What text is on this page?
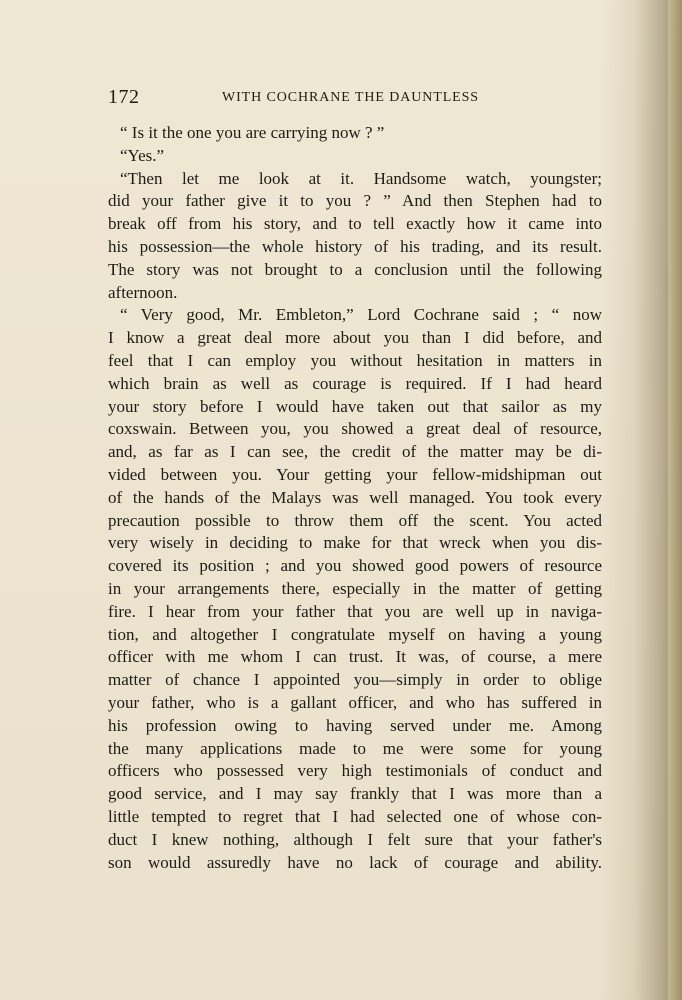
172	WITH COCHRANE THE DAUNTLESS
“ Is it the one you are carrying now ? ”
“Yes.”
“Then let me look at it. Handsome watch, youngster;
did your father give it to you ? ” And then Stephen had to
break off from his story, and to tell exactly how it came into
his possession—the whole history of his trading, and its result.
The story was not brought to a conclusion until the following
afternoon.
“ Very good, Mr. Embleton,” Lord Cochrane said ; “ now
I know a great deal more about you than I did before, and
feel that I can employ you without hesitation in matters in
which brain as well as courage is required. If I had heard
your story before I would have taken out that sailor as my
coxswain. Between you, you showed a great deal of resource,
and, as far as I can see, the credit of the matter may be di-
vided between you. Your getting your fellow-midshipman out
of the hands of the Malays was well managed. You took every
precaution possible to throw them off the scent. You acted
very wisely in deciding to make for that wreck when you dis-
covered its position ; and you showed good powers of resource
in your arrangements there, especially in the matter of getting
fire. I hear from your father that you are well up in naviga-
tion, and altogether I congratulate myself on having a young
officer with me whom I can trust. It was, of course, a mere
matter of chance I appointed you—simply in order to oblige
your father, who is a gallant officer, and who has suffered in
his profession owing to having served under me. Among
the many applications made to me were some for young
officers who possessed very high testimonials of conduct and
good service, and I may say frankly that I was more than a
little tempted to regret that I had selected one of whose con-
duct I knew nothing, although I felt sure that your father's
son would assuredly have no lack of courage and ability.
